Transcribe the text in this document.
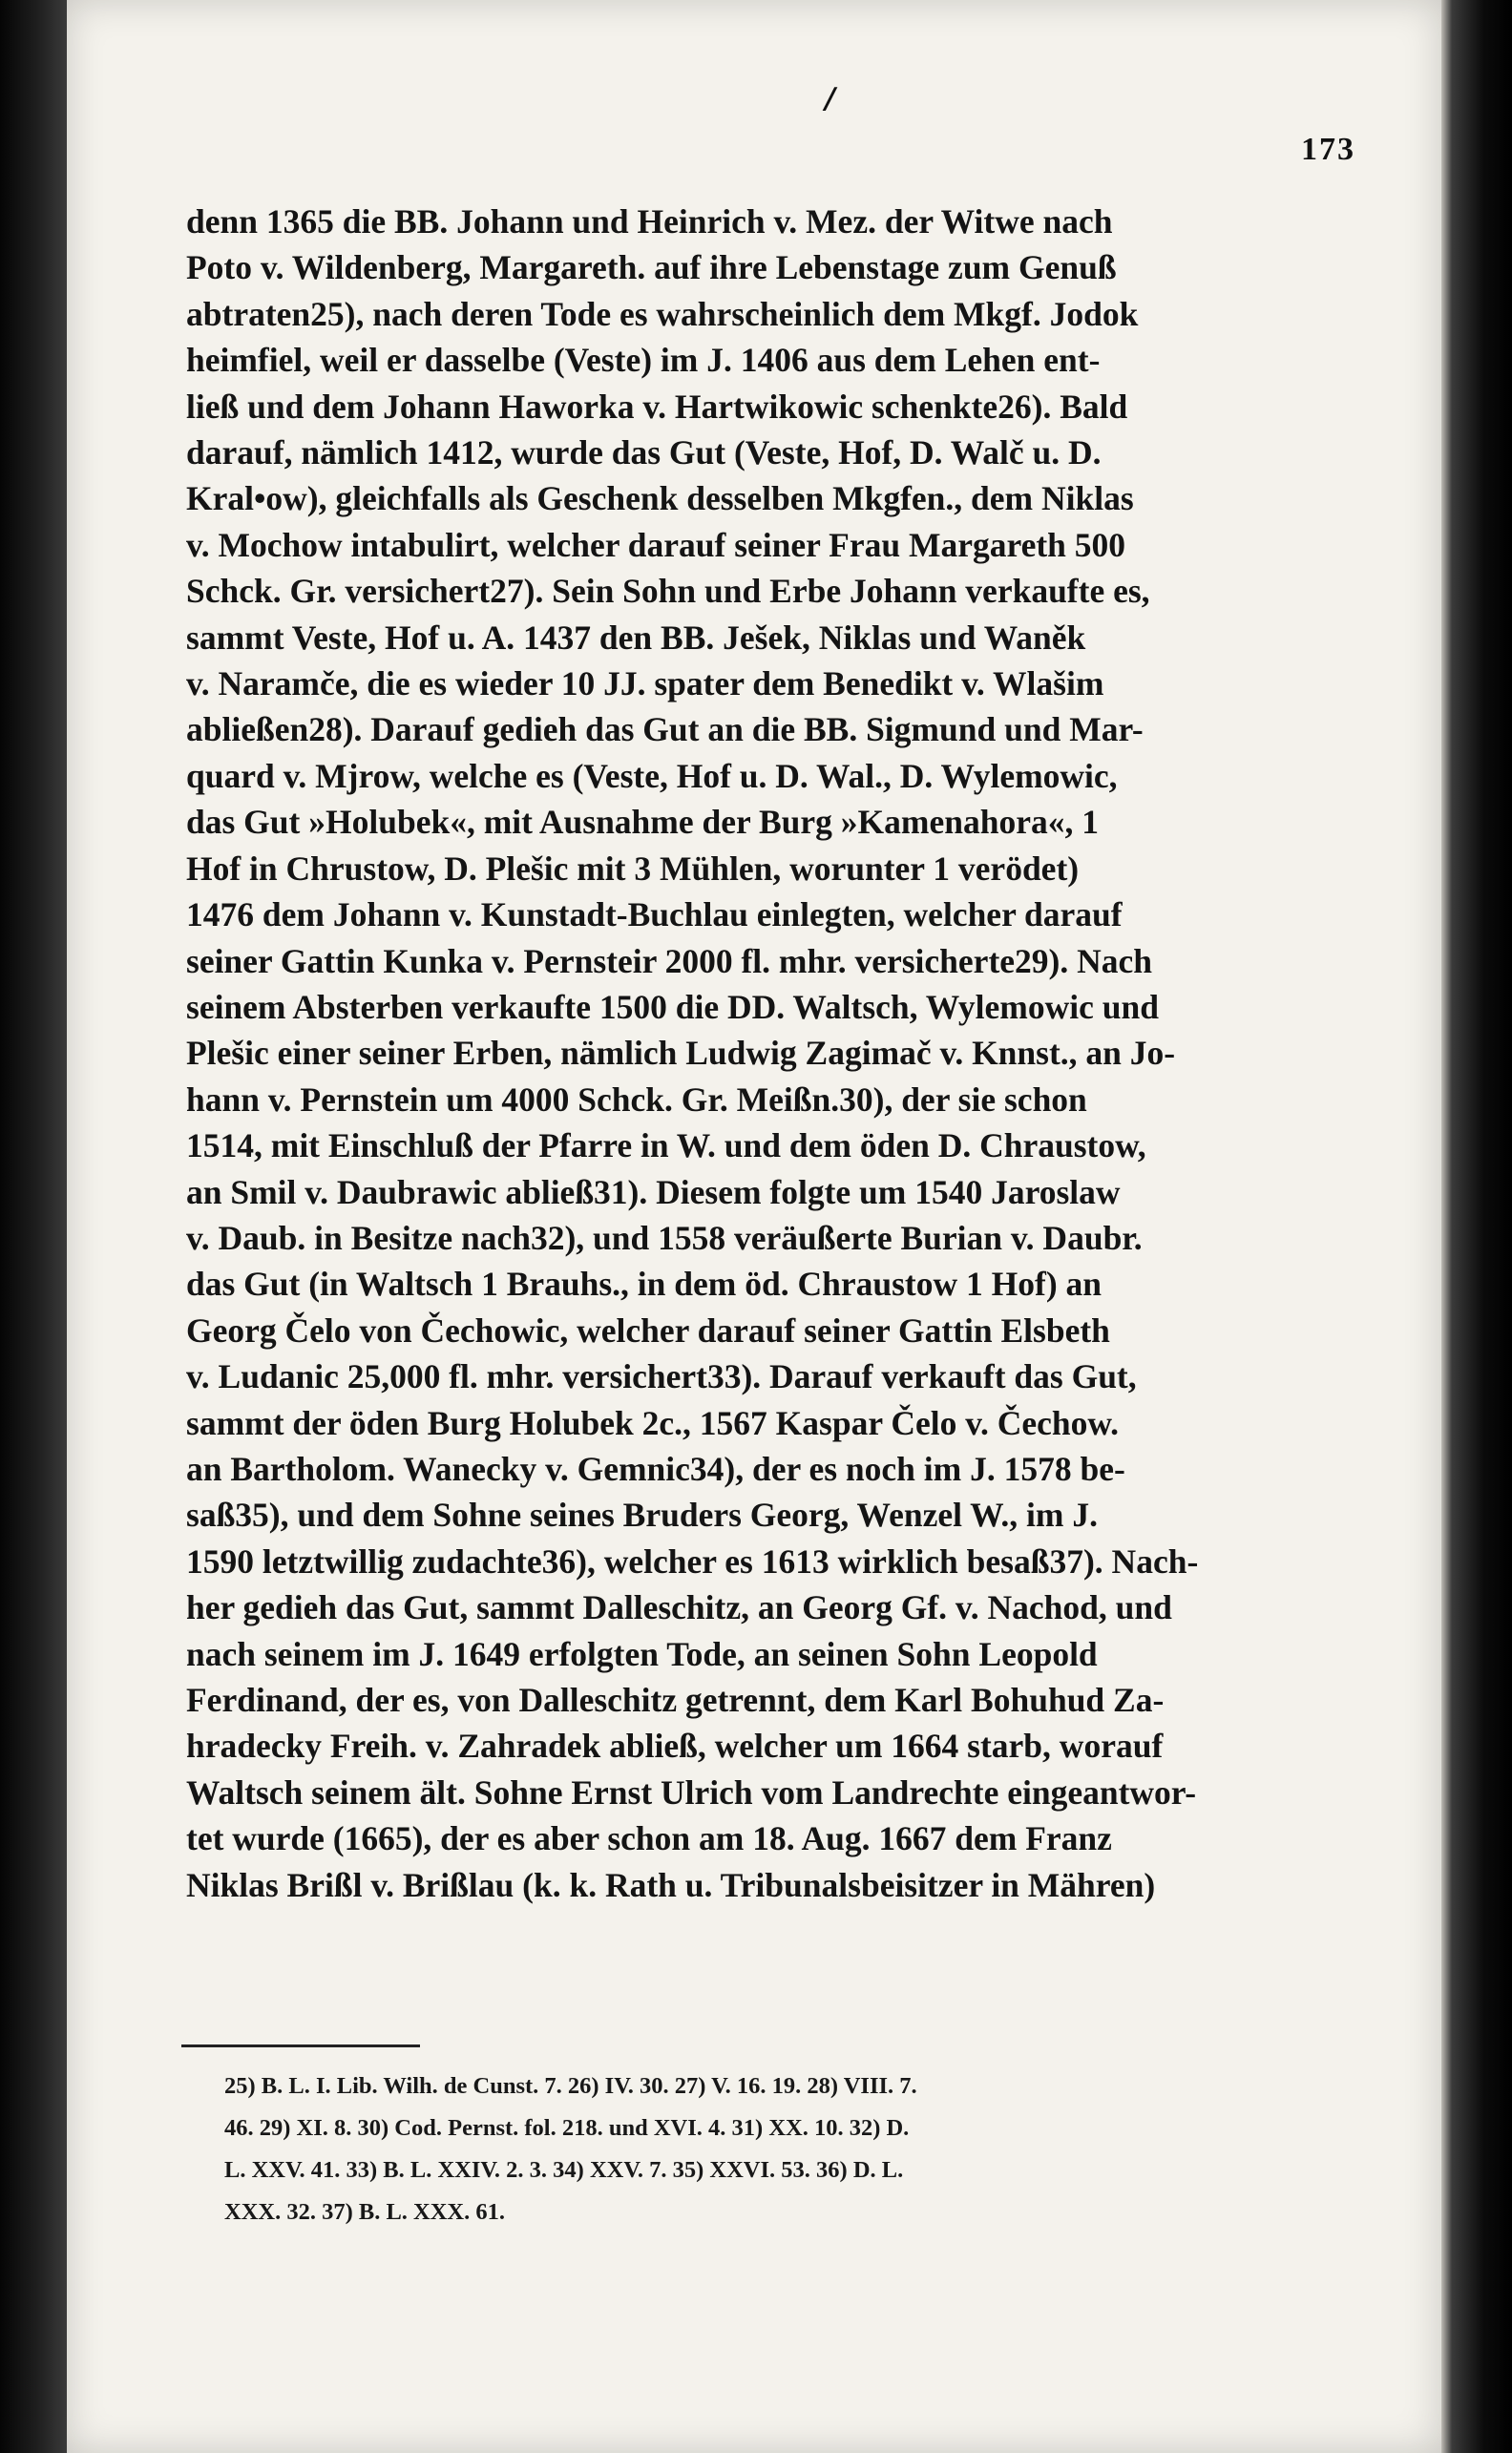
/
173
denn 1365 die BB. Johann und Heinrich v. Mez. der Witwe nach
Poto v. Wildenberg, Margareth. auf ihre Lebenstage zum Genuß
abtraten25), nach deren Tode es wahrscheinlich dem Mkgf. Jodok
heimfiel, weil er dasselbe (Veste) im J. 1406 aus dem Lehen ent-
ließ und dem Johann Haworka v. Hartwikowic schenkte26). Bald
darauf, nämlich 1412, wurde das Gut (Veste, Hof, D. Walč u. D.
Kral•ow), gleichfalls als Geschenk desselben Mkgfen., dem Niklas
v. Mochow intabulirt, welcher darauf seiner Frau Margareth 500
Schck. Gr. versichert27). Sein Sohn und Erbe Johann verkaufte es,
sammt Veste, Hof u. A. 1437 den BB. Ješek, Niklas und Waněk
v. Naramče, die es wieder 10 JJ. spater dem Benedikt v. Wlašim
abließen28). Darauf gedieh das Gut an die BB. Sigmund und Mar-
quard v. Mjrow, welche es (Veste, Hof u. D. Wal., D. Wylemowic,
das Gut »Holubek«, mit Ausnahme der Burg »Kamenahora«, 1
Hof in Chrustow, D. Plešic mit 3 Mühlen, worunter 1 verödet)
1476 dem Johann v. Kunstadt-Buchlau einlegten, welcher darauf
seiner Gattin Kunka v. Pernsteir 2000 fl. mhr. versicherte29). Nach
seinem Absterben verkaufte 1500 die DD. Waltsch, Wylemowic und
Plešic einer seiner Erben, nämlich Ludwig Zagimač v. Knnst., an Jo-
hann v. Pernstein um 4000 Schck. Gr. Meißn.30), der sie schon
1514, mit Einschluß der Pfarre in W. und dem öden D. Chraustow,
an Smil v. Daubrawic abließ31). Diesem folgte um 1540 Jaroslaw
v. Daub. in Besitze nach32), und 1558 veräußerte Burian v. Daubr.
das Gut (in Waltsch 1 Brauhs., in dem öd. Chraustow 1 Hof) an
Georg Čelo von Čechowic, welcher darauf seiner Gattin Elsbeth
v. Ludanic 25,000 fl. mhr. versichert33). Darauf verkauft das Gut,
sammt der öden Burg Holubek 2c., 1567 Kaspar Čelo v. Čechow.
an Bartholom. Wanecky v. Gemnic34), der es noch im J. 1578 be-
saß35), und dem Sohne seines Bruders Georg, Wenzel W., im J.
1590 letztwillig zudachte36), welcher es 1613 wirklich besaß37). Nach-
her gedieh das Gut, sammt Dalleschitz, an Georg Gf. v. Nachod, und
nach seinem im J. 1649 erfolgten Tode, an seinen Sohn Leopold
Ferdinand, der es, von Dalleschitz getrennt, dem Karl Bohuhud Za-
hradecky Freih. v. Zahradek abließ, welcher um 1664 starb, worauf
Waltsch seinem ält. Sohne Ernst Ulrich vom Landrechte eingeantwor-
tet wurde (1665), der es aber schon am 18. Aug. 1667 dem Franz
Niklas Brißl v. Brißlau (k. k. Rath u. Tribunalsbeisitzer in Mähren)
25) B. L. I. Lib. Wilh. de Cunst. 7. 26) IV. 30. 27) V. 16. 19. 28) VIII. 7.
46. 29) XI. 8. 30) Cod. Pernst. fol. 218. und XVI. 4. 31) XX. 10. 32) D.
L. XXV. 41. 33) B. L. XXIV. 2. 3. 34) XXV. 7. 35) XXVI. 53. 36) D. L.
XXX. 32. 37) B. L. XXX. 61.
